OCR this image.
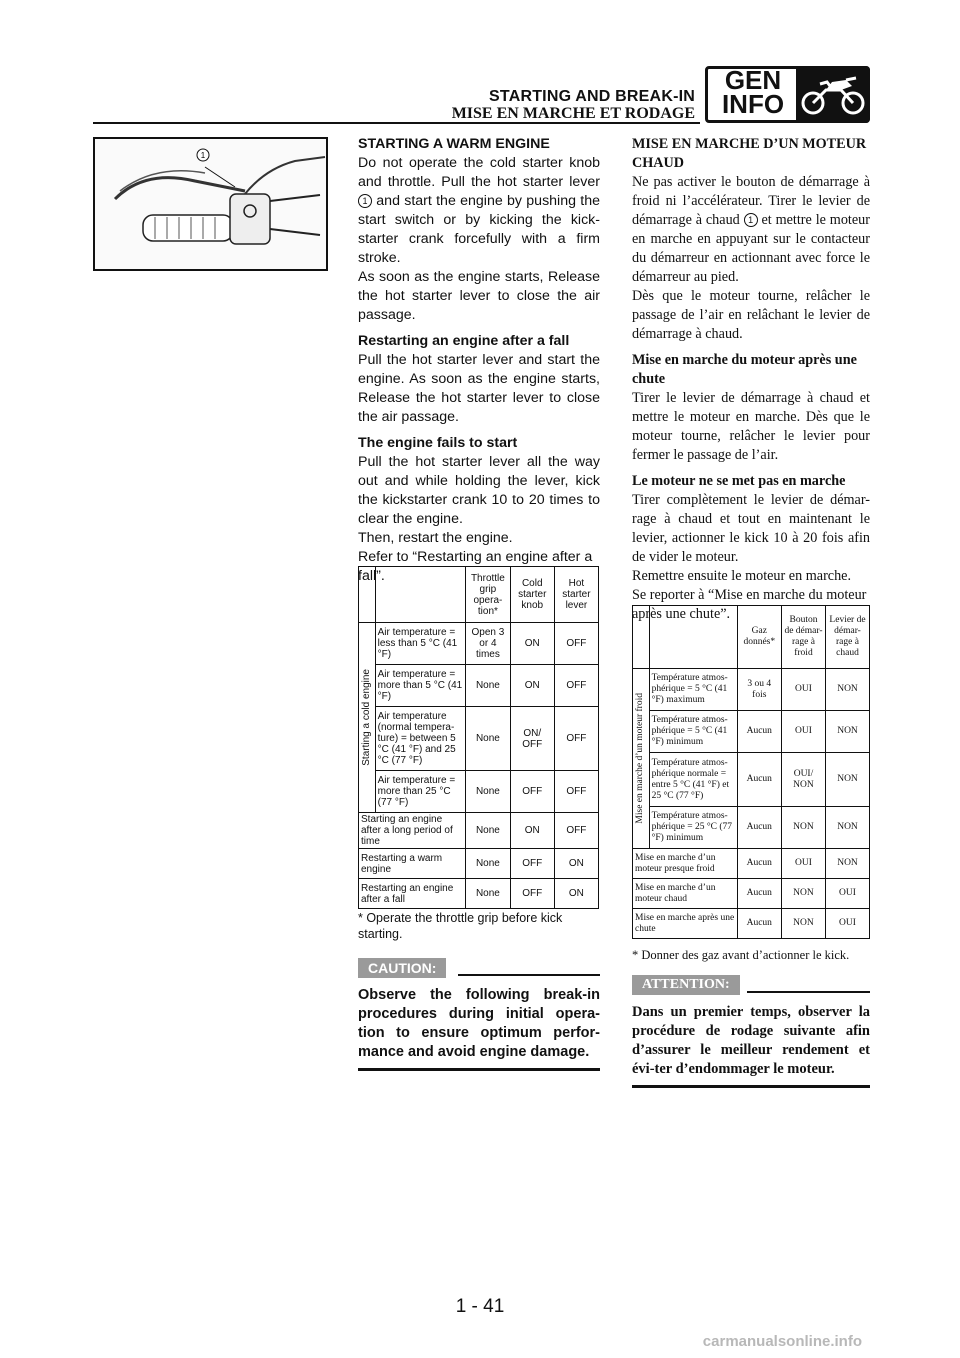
STARTING AND BREAK-IN
MISE EN MARCHE ET RODAGE
GEN
INFO
1

STARTING A WARM ENGINE

Do not operate the cold starter knob and throttle. Pull the hot starter lever 1 and start the engine by pushing the start switch or by kicking the kick-starter crank forcefully with a firm stroke.

As soon as the engine starts, Release the hot starter lever to close the air passage.

Restarting an engine after a fall

Pull the hot starter lever and start the engine. As soon as the engine starts, Release the hot starter lever to close the air passage.

The engine fails to start

Pull the hot starter lever all the way out and while holding the lever, kick the kickstarter crank 10 to 20 times to clear the engine.

Then, restart the engine.

Refer to “Restarting an engine after a fall”.

			Throttle grip opera-tion*	Cold starter knob	Hot starter lever

Starting a cold engine	Air temperature = less than 5 °C (41 °F)	Open 3 or 4 times	ON	OFF
	Air temperature = more than 5 °C (41 °F)	None	ON	OFF
	Air temperature (normal tempera-ture) = between 5 °C (41 °F) and 25 °C (77 °F)	None	ON/ OFF	OFF
	Air temperature = more than 25 °C (77 °F)	None	OFF	OFF
Starting an engine after a long period of time		None	ON	OFF
Restarting a warm engine		None	OFF	ON
Restarting an engine after a fall		None	OFF	ON
* Operate the throttle grip before kick starting.
CAUTION:
Observe the following break-in procedures during initial opera-tion to ensure optimum perfor-mance and avoid engine damage.

MISE EN MARCHE D’UN MOTEUR CHAUD

Ne pas activer le bouton de démarrage à froid ni l’accélérateur. Tirer le levier de démarrage à chaud 1 et mettre le moteur en marche en appuyant sur le contacteur du démarreur en actionnant avec force le démarreur au pied.

Dès que le moteur tourne, relâcher le passage de l’air en relâchant le levier de démarrage à chaud.

Mise en marche du moteur après une chute

Tirer le levier de démarrage à chaud et mettre le moteur en marche. Dès que le moteur tourne, relâcher le levier pour fermer le passage de l’air.

Le moteur ne se met pas en marche

Tirer complètement le levier de démar-rage à chaud et tout en maintenant le levier, actionner le kick 10 à 20 fois afin de vider le moteur.

Remettre ensuite le moteur en marche.

Se reporter à “Mise en marche du moteur après une chute”.

		Gaz donnés*	Bouton de démar-rage à froid	Levier de démar-rage à chaud

Mise en marche d’un moteur froid	Température atmos-phérique = 5 °C (41 °F) maximum	3 ou 4 fois	OUI	NON
	Température atmos-phérique = 5 °C (41 °F) minimum	Aucun	OUI	NON
	Température atmos-phérique normale = entre 5 °C (41 °F) et 25 °C (77 °F)	Aucun	OUI/ NON	NON
	Température atmos-phérique = 25 °C (77 °F) minimum	Aucun	NON	NON
Mise en marche d’un moteur presque froid		Aucun	OUI	NON
Mise en marche d’un moteur chaud		Aucun	NON	OUI
Mise en marche après une chute		Aucun	NON	OUI
* Donner des gaz avant d’actionner le kick.
ATTENTION:
Dans un premier temps, observer la procédure de rodage suivante afin d’assurer le meilleur rendement et évi-ter d’endommager le moteur.
1 - 41
carmanualsonline.info
